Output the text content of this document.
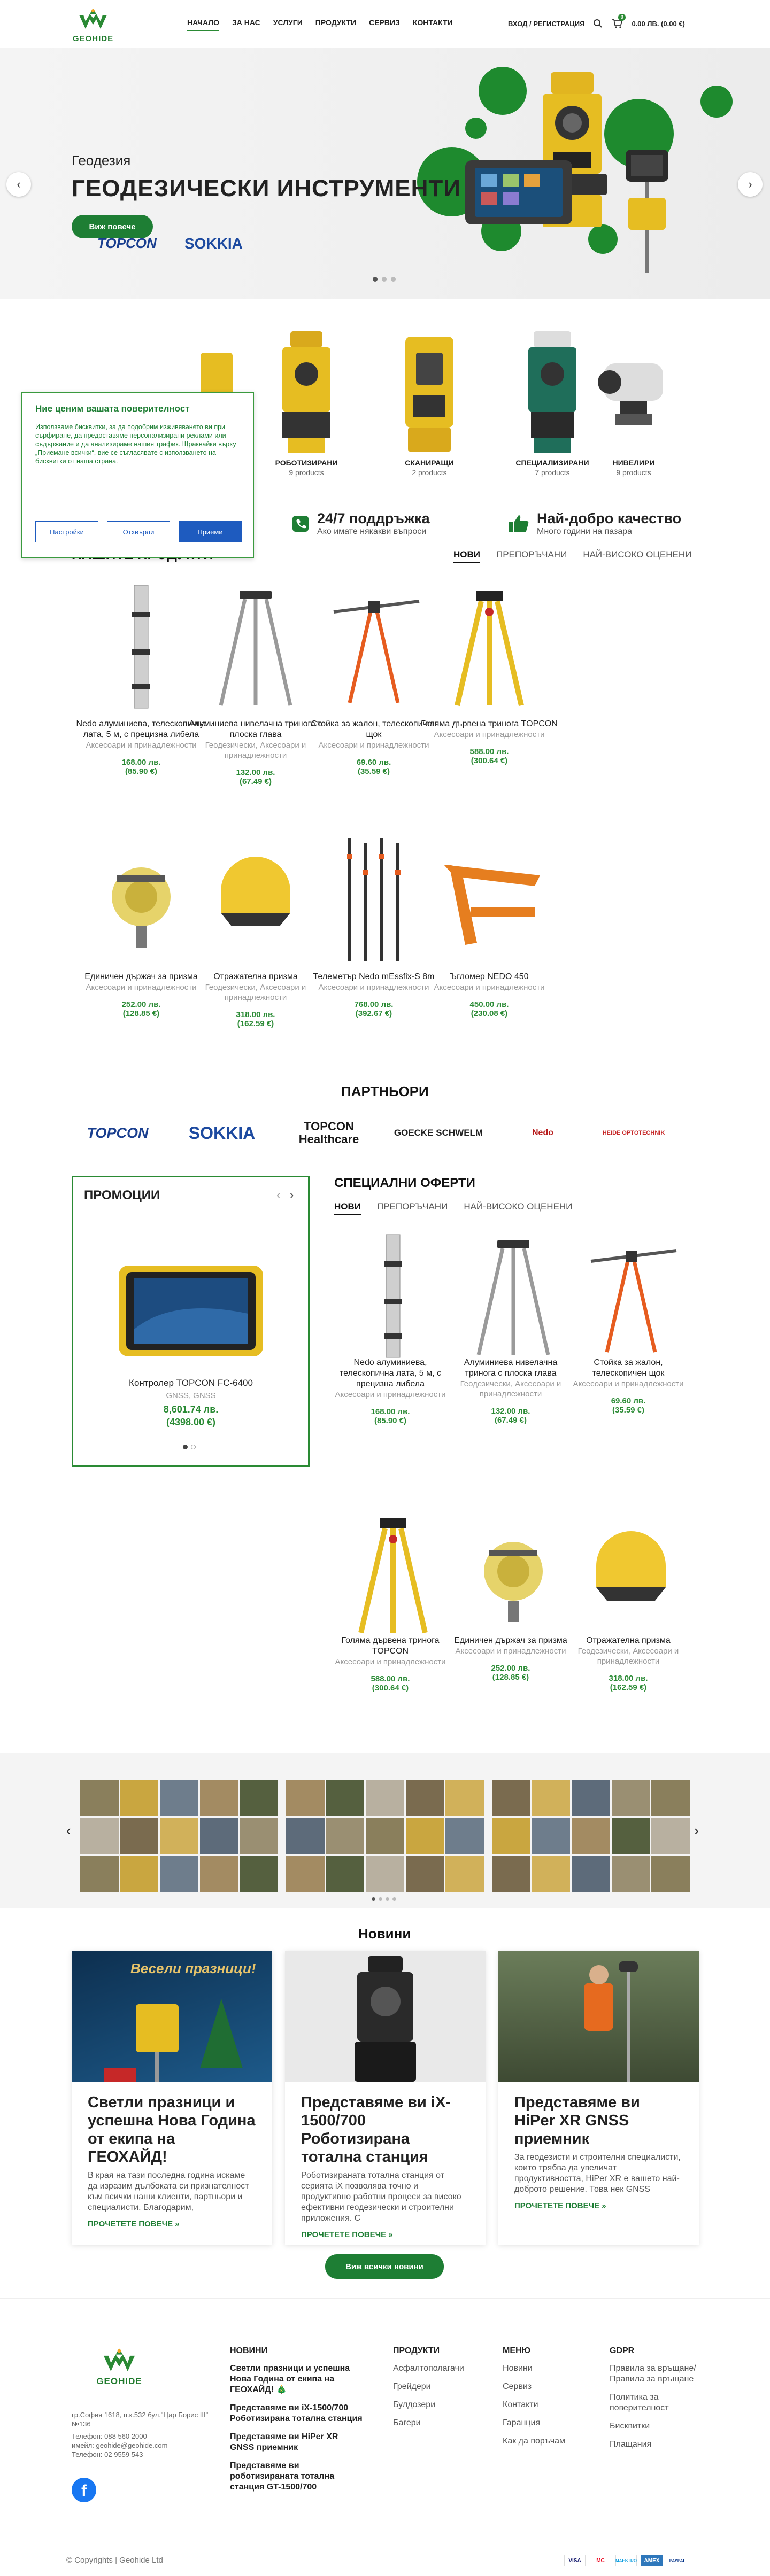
GEOHIDE
НАЧАЛО ЗА НАС УСЛУГИ ПРОДУКТИ СЕРВИЗ КОНТАКТИ	ВХОД / РЕГИСТРАЦИЯ
0
0.00 ЛВ. (0.00 €)
‹	›
Геодезия
ГЕОДЕЗИЧЕСКИ ИНСТРУМЕНТИ
Виж повече
TOPCON SOKKIA
РОБОТИЗИРАНИ
9 products
СКАНИРАЩИ
2 products
СПЕЦИАЛИЗИРАНИ
7 products
НИВЕЛИРИ
9 products
24/7 поддръжка
Ако имате някакви въпроси
Най-добро качество
Много години на пазара
НОВИ ПРЕПОРЪЧАНИ НАЙ-ВИСОКО ОЦЕНЕНИ
Nedo алуминиева, телескопична лата, 5 м, с прецизна либела
Аксесоари и принадлежности
168.00 лв.
(85.90 €)
Алуминиева нивелачна тринога с плоска глава
Геодезически, Аксесоари и принадлежности
132.00 лв.
(67.49 €)
Стойка за жалон, телескопичен щок
Аксесоари и принадлежности
69.60 лв.
(35.59 €)
Голяма дървена тринога TOPCON
Аксесоари и принадлежности
588.00 лв.
(300.64 €)
Единичен държач за призма
Аксесоари и принадлежности
252.00 лв.
(128.85 €)
Отражателна призма
Геодезически, Аксесоари и принадлежности
318.00 лв.
(162.59 €)
Телеметър Nedo mEssfix-S 8m
Аксесоари и принадлежности
768.00 лв.
(392.67 €)
Ъгломер NEDO 450
Аксесоари и принадлежности
450.00 лв.
(230.08 €)
ПАРТНЬОРИ
TOPCON	SOKKIA	TOPCON Healthcare	GOECKE SCHWELM	Nedo	HEIDE OPTOTECHNIK
ПРОМОЦИИ	‹ ›
Контролер TOPCON FC-6400
GNSS, GNSS
8,601.74 лв.
(4398.00 €)
СПЕЦИАЛНИ ОФЕРТИ
НОВИ ПРЕПОРЪЧАНИ НАЙ-ВИСОКО ОЦЕНЕНИ
Nedo алуминиева, телескопична лата, 5 м, с прецизна либела
Аксесоари и принадлежности
168.00 лв.
(85.90 €)
Алуминиева нивелачна тринога с плоска глава
Геодезически, Аксесоари и принадлежности
132.00 лв.
(67.49 €)
Стойка за жалон, телескопичен щок
Аксесоари и принадлежности
69.60 лв.
(35.59 €)
Голяма дървена тринога TOPCON
Аксесоари и принадлежности
588.00 лв.
(300.64 €)
Единичен държач за призма
Аксесоари и принадлежности
252.00 лв.
(128.85 €)
Отражателна призма
Геодезически, Аксесоари и принадлежности
318.00 лв.
(162.59 €)
‹	›
Новини
Весели празници!
Светли празници и успешна Нова Година от екипа на ГЕОХАЙД!
В края на тази последна година искаме да изразим дълбоката си признателност към всички наши клиенти, партньори и специалисти. Благодарим,
ПРОЧЕТЕТЕ ПОВЕЧЕ »
Представяме ви iX-1500/700 Роботизирана тотална станция
Роботизираната тотална станция от серията iX позволява точно и продуктивно работни процеси за високо ефективни геодезически и строителни приложения. С
ПРОЧЕТЕТЕ ПОВЕЧЕ »
Представяме ви HiPer XR GNSS приемник
За геодезисти и строителни специалисти, които трябва да увеличат продуктивността, HiPer XR е вашето най-доброто решение. Това нек GNSS
ПРОЧЕТЕТЕ ПОВЕЧЕ »
Виж всички новини
GEOHIDE
гр.София 1618, п.к.532 бул."Цар Борис III" №136
Телефон: 088 560 2000
имейл: geohide@geohide.com
Телефон: 02 9559 543
f
НОВИНИ
Светли празници и успешна Нова Година от екипа на ГЕОХАЙД! 🎄
Представяме ви iX-1500/700 Роботизирана тотална станция
Представяме ви HiPer XR GNSS приемник
Представяме ви роботизираната тотална станция GT-1500/700
ПРОДУКТИ
Асфалтополагачи
Грейдери
Булдозери
Багери
МЕНЮ
Новини
Сервиз
Контакти
Гаранция
Как да поръчам
GDPR
Правила за връщане/Правила за връщане
Политика за поверителност
Бисквитки
Плащания
© Copyrights | Geohide Ltd	VISA	MC	MAESTRO	AMEX	PAYPAL
Ние ценим вашата поверителност
Използваме бисквитки, за да подобрим изживяването ви при сърфиране, да предоставяме персонализирани реклами или съдържание и да анализираме нашия трафик. Щраквайки върху „Приемане всички“, вие се съгласявате с използването на бисквитки от наша страна.
Настройки	Отхвърли	Приеми
